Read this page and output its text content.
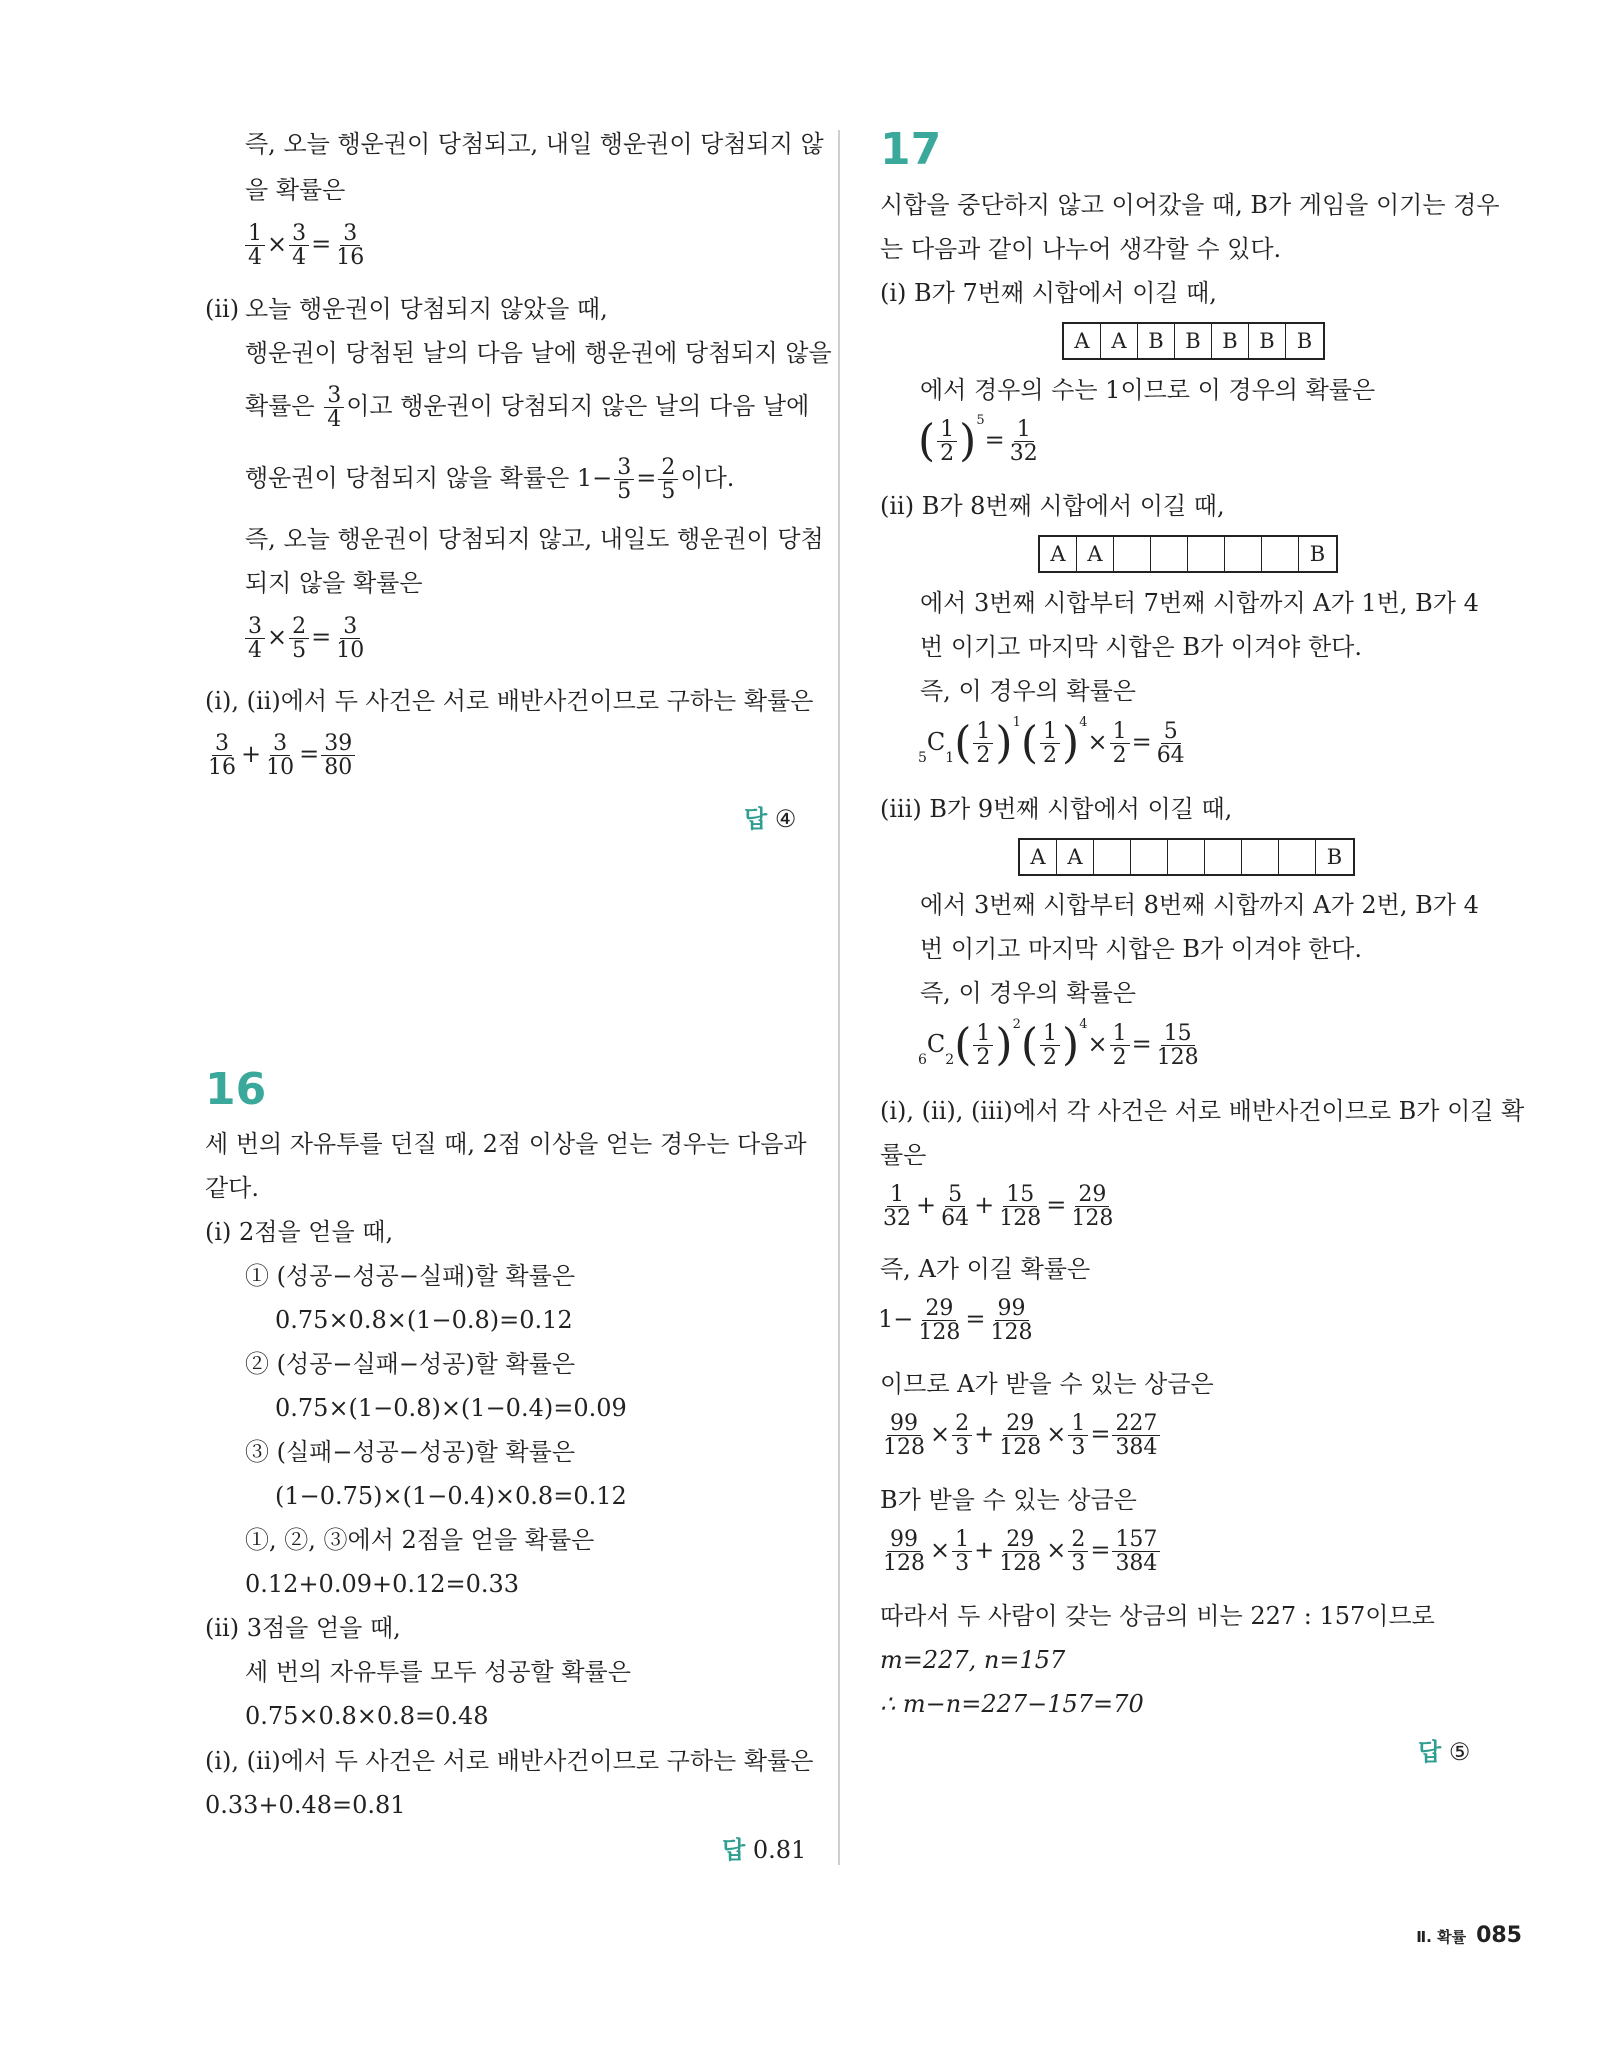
즉, 오늘 행운권이 당첨되고, 내일 행운권이 당첨되지 않
을 확률은
$\frac{1}{4} \times \frac{3}{4} = \frac{3}{16}$
(ii) 오늘 행운권이 당첨되지 않았을 때,
행운권이 당첨된 날의 다음 날에 행운권에 당첨되지 않을
확률은 $\frac{3}{4}$ 이고 행운권이 당첨되지 않은 날의 다음 날에
행운권이 당첨되지 않을 확률은 $1- \frac{3}{5} = \frac{2}{5}$ 이다.
즉, 오늘 행운권이 당첨되지 않고, 내일도 행운권이 당첨
되지 않을 확률은
$\frac{3}{4} \times \frac{2}{5} = \frac{3}{10}$
(i), (ii)에서 두 사건은 서로 배반사건이므로 구하는 확률은
$\frac{3}{16} + \frac{3}{10} = \frac{39}{80}$
답 ④
16
세 번의 자유투를 던질 때, 2점 이상을 얻는 경우는 다음과
같다.
(i) 2점을 얻을 때,
① (성공−성공−실패)할 확률은
0.75×0.8×(1−0.8)=0.12
② (성공−실패−성공)할 확률은
0.75×(1−0.8)×(1−0.4)=0.09
③ (실패−성공−성공)할 확률은
(1−0.75)×(1−0.4)×0.8=0.12
①, ②, ③에서 2점을 얻을 확률은
0.12+0.09+0.12=0.33
(ii) 3점을 얻을 때,
세 번의 자유투를 모두 성공할 확률은
0.75×0.8×0.8=0.48
(i), (ii)에서 두 사건은 서로 배반사건이므로 구하는 확률은
0.33+0.48=0.81
답 0.81
17
시합을 중단하지 않고 이어갔을 때, B가 게임을 이기는 경우
는 다음과 같이 나누어 생각할 수 있다.
(i) B가 7번째 시합에서 이길 때,
A	A	B	B	B	B	B
에서 경우의 수는 1이므로 이 경우의 확률은
( $\frac{1}{2} )^5= \frac{1}{32}$
(ii) B가 8번째 시합에서 이길 때,
A	A	B
에서 3번째 시합부터 7번째 시합까지 A가 1번, B가 4
번 이기고 마지막 시합은 B가 이겨야 한다.
즉, 이 경우의 확률은
$_5C_1( \frac{1}{2} )^1( \frac{1}{2} )^4\times \frac{1}{2} = \frac{5}{64}$
(iii) B가 9번째 시합에서 이길 때,
A	A	B
에서 3번째 시합부터 8번째 시합까지 A가 2번, B가 4
번 이기고 마지막 시합은 B가 이겨야 한다.
즉, 이 경우의 확률은
$_6C_2( \frac{1}{2} )^2( \frac{1}{2} )^4\times \frac{1}{2} = \frac{15}{128}$
(i), (ii), (iii)에서 각 사건은 서로 배반사건이므로 B가 이길 확
률은
$\frac{1}{32} + \frac{5}{64} + \frac{15}{128} = \frac{29}{128}$
즉, A가 이길 확률은
$1- \frac{29}{128} = \frac{99}{128}$
이므로 A가 받을 수 있는 상금은
$\frac{99}{128} \times \frac{2}{3} + \frac{29}{128} \times \frac{1}{3} = \frac{227}{384}$
B가 받을 수 있는 상금은
$\frac{99}{128} \times \frac{1}{3} + \frac{29}{128} \times \frac{2}{3} = \frac{157}{384}$
따라서 두 사람이 갖는 상금의 비는 227 : 157이므로
m=227, n=157
∴ m−n=227−157=70
답 ⑤
Ⅱ. 확률 085
